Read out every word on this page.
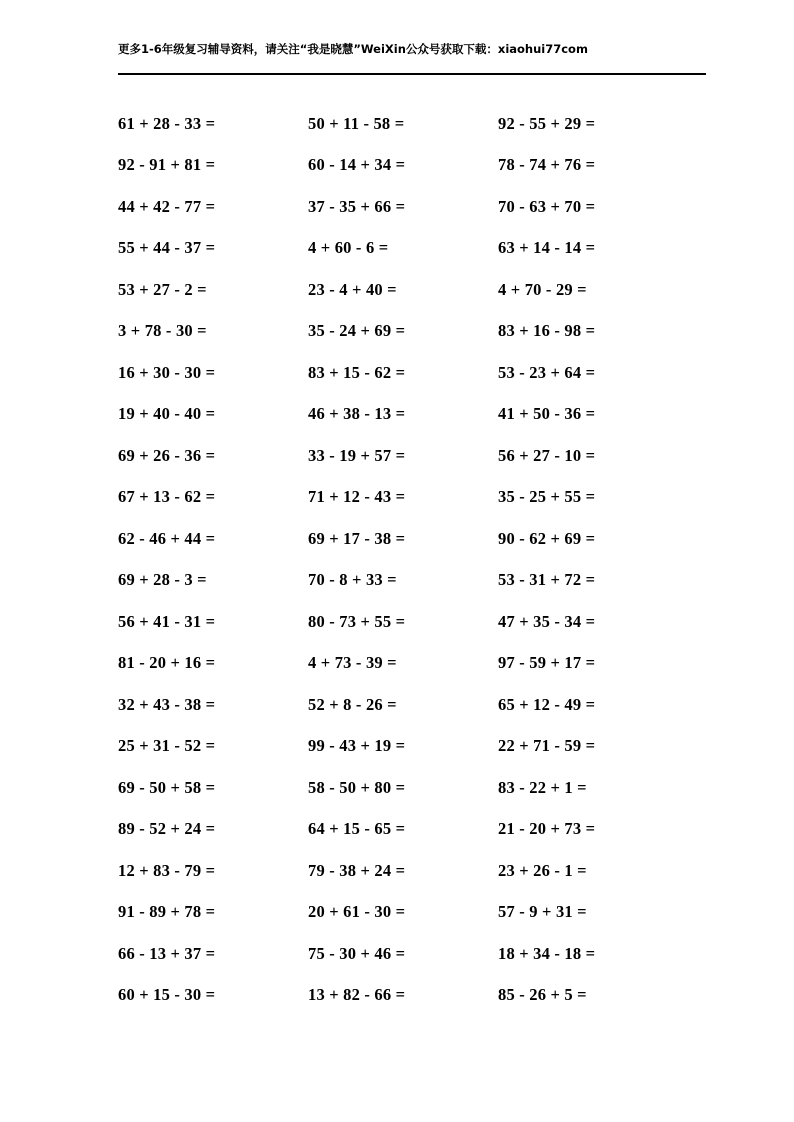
更多1-6年级复习辅导资料，请关注“我是晓慧”WeiXin公众号获取下载：xiaohui77com
61 + 28 - 33 =	50 + 11 - 58 =	92 - 55 + 29 =
92 - 91 + 81 =	60 - 14 + 34 =	78 - 74 + 76 =
44 + 42 - 77 =	37 - 35 + 66 =	70 - 63 + 70 =
55 + 44 - 37 =	4 + 60 - 6 =	63 + 14 - 14 =
53 + 27 - 2 =	23 - 4 + 40 =	4 + 70 - 29 =
3 + 78 - 30 =	35 - 24 + 69 =	83 + 16 - 98 =
16 + 30 - 30 =	83 + 15 - 62 =	53 - 23 + 64 =
19 + 40 - 40 =	46 + 38 - 13 =	41 + 50 - 36 =
69 + 26 - 36 =	33 - 19 + 57 =	56 + 27 - 10 =
67 + 13 - 62 =	71 + 12 - 43 =	35 - 25 + 55 =
62 - 46 + 44 =	69 + 17 - 38 =	90 - 62 + 69 =
69 + 28 - 3 =	70 - 8 + 33 =	53 - 31 + 72 =
56 + 41 - 31 =	80 - 73 + 55 =	47 + 35 - 34 =
81 - 20 + 16 =	4 + 73 - 39 =	97 - 59 + 17 =
32 + 43 - 38 =	52 + 8 - 26 =	65 + 12 - 49 =
25 + 31 - 52 =	99 - 43 + 19 =	22 + 71 - 59 =
69 - 50 + 58 =	58 - 50 + 80 =	83 - 22 + 1 =
89 - 52 + 24 =	64 + 15 - 65 =	21 - 20 + 73 =
12 + 83 - 79 =	79 - 38 + 24 =	23 + 26 - 1 =
91 - 89 + 78 =	20 + 61 - 30 =	57 - 9 + 31 =
66 - 13 + 37 =	75 - 30 + 46 =	18 + 34 - 18 =
60 + 15 - 30 =	13 + 82 - 66 =	85 - 26 + 5 =
